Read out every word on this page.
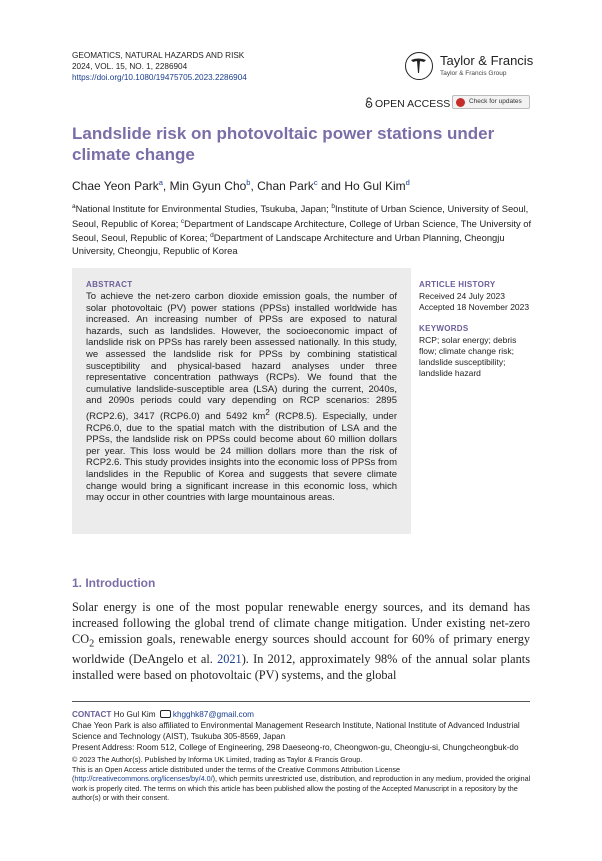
GEOMATICS, NATURAL HAZARDS AND RISK
2024, VOL. 15, NO. 1, 2286904
https://doi.org/10.1080/19475705.2023.2286904
Taylor & Francis
Taylor & Francis Group
OPEN ACCESS	Check for updates
Landslide risk on photovoltaic power stations under climate change
Chae Yeon Park$^a$, Min Gyun Cho$^b$, Chan Park$^c$ and Ho Gul Kim$^d$
$^a$National Institute for Environmental Studies, Tsukuba, Japan; $^b$Institute of Urban Science, University of Seoul, Seoul, Republic of Korea; $^c$Department of Landscape Architecture, College of Urban Science, The University of Seoul, Seoul, Republic of Korea; $^d$Department of Landscape Architecture and Urban Planning, Cheongju University, Cheongju, Republic of Korea
ABSTRACT
To achieve the net-zero carbon dioxide emission goals, the number of solar photovoltaic (PV) power stations (PPSs) installed worldwide has increased. An increasing number of PPSs are exposed to natural hazards, such as landslides. However, the socioeconomic impact of landslide risk on PPSs has rarely been assessed nationally. In this study, we assessed the landslide risk for PPSs by combining statistical susceptibility and physical-based hazard analyses under three representative concentration pathways (RCPs). We found that the cumulative landslide-susceptible area (LSA) during the current, 2040s, and 2090s periods could vary depending on RCP scenarios: 2895 (RCP2.6), 3417 (RCP6.0) and 5492 $km^2$ (RCP8.5). Especially, under RCP6.0, due to the spatial match with the distribution of LSA and the PPSs, the landslide risk on PPSs could become about 60 million dollars per year. This loss would be 24 million dollars more than the risk of RCP2.6. This study provides insights into the economic loss of PPSs from landslides in the Republic of Korea and suggests that severe climate change would bring a significant increase in this economic loss, which may occur in other countries with large mountainous areas.
ARTICLE HISTORY
Received 24 July 2023
Accepted 18 November 2023
KEYWORDS
RCP; solar energy; debris flow; climate change risk; landslide susceptibility; landslide hazard
1. Introduction
Solar energy is one of the most popular renewable energy sources, and its demand has increased following the global trend of climate change mitigation. Under existing net-zero $CO_2$ emission goals, renewable energy sources should account for 60% of primary energy worldwide (DeAngelo et al. 2021). In 2012, approximately 98% of the annual solar plants installed were based on photovoltaic (PV) systems, and the global
CONTACT Ho Gul Kim khgghk87@gmail.com
Chae Yeon Park is also affiliated to Environmental Management Research Institute, National Institute of Advanced Industrial Science and Technology (AIST), Tsukuba 305-8569, Japan
Present Address: Room 512, College of Engineering, 298 Daeseong-ro, Cheongwon-gu, Cheongju-si, Chungcheongbuk-do
© 2023 The Author(s). Published by Informa UK Limited, trading as Taylor & Francis Group.
This is an Open Access article distributed under the terms of the Creative Commons Attribution License (http://creativecommons.org/licenses/by/4.0/), which permits unrestricted use, distribution, and reproduction in any medium, provided the original work is properly cited. The terms on which this article has been published allow the posting of the Accepted Manuscript in a repository by the author(s) or with their consent.
